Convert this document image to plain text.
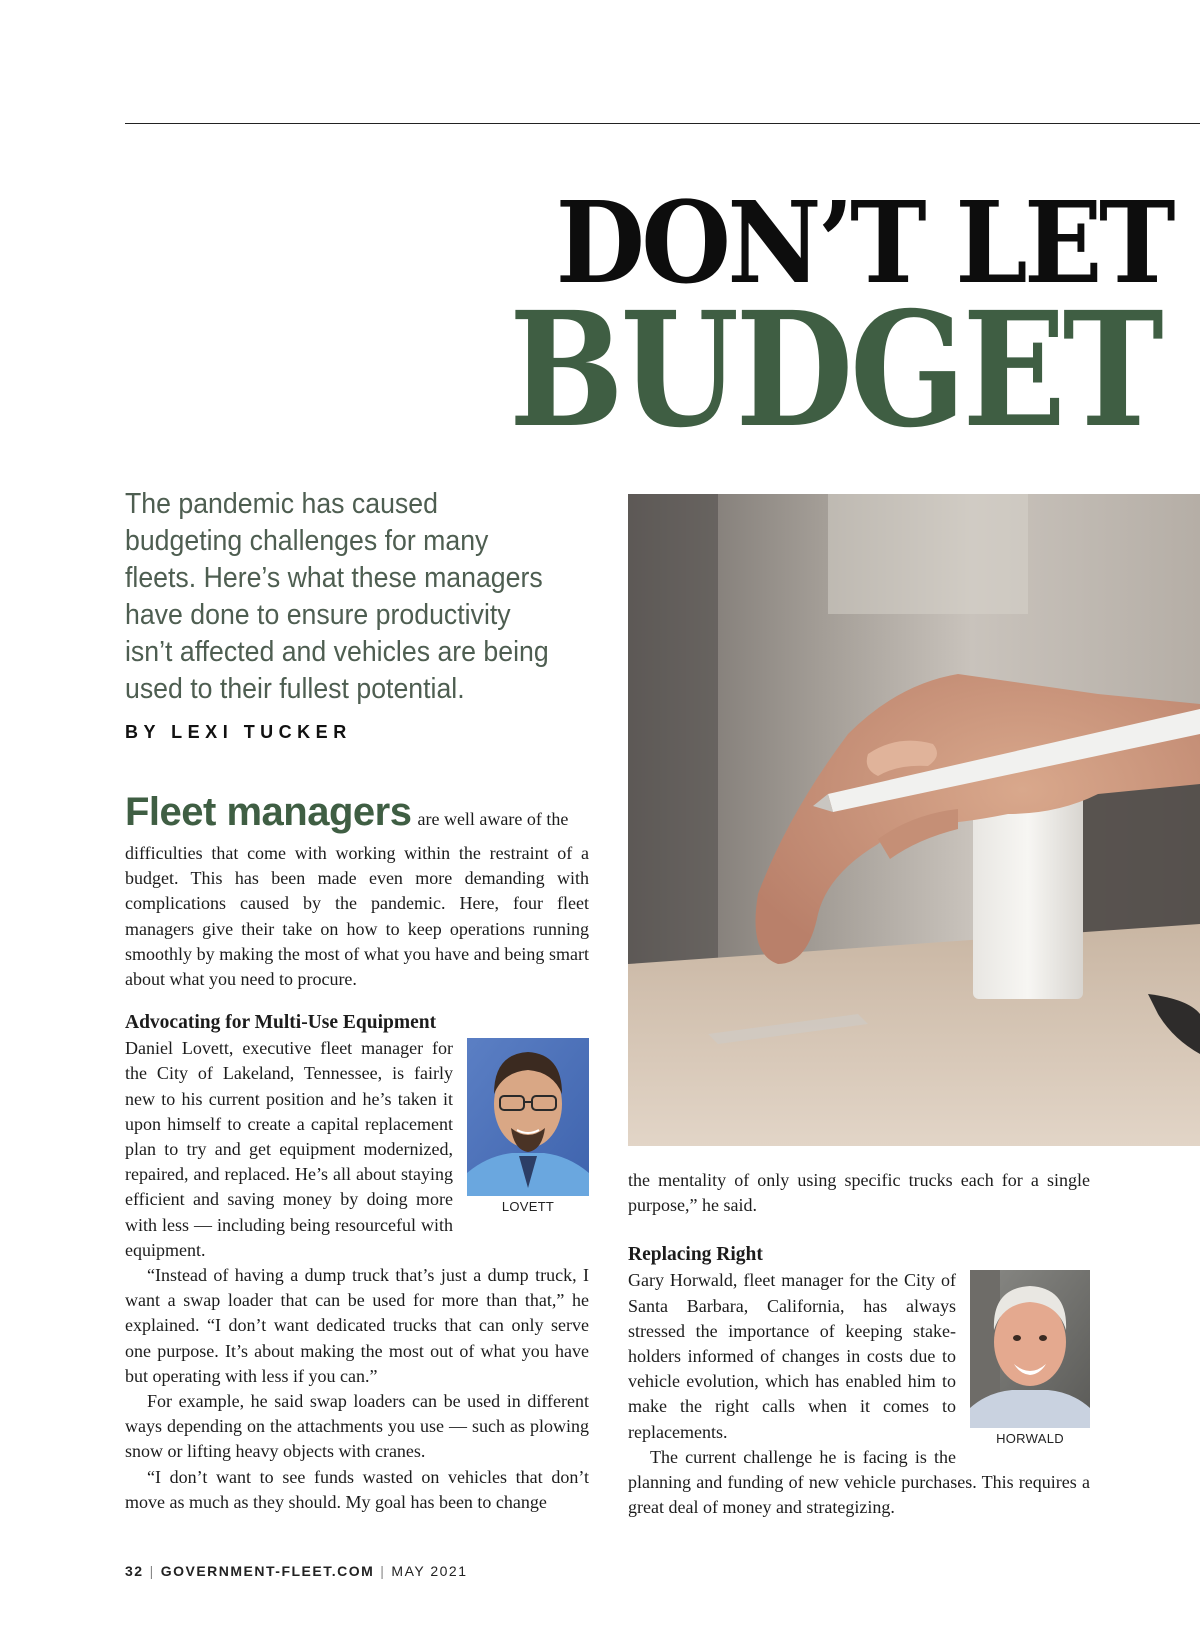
DON’T LET
BUDGET
The pandemic has caused budgeting challenges for many fleets. Here’s what these managers have done to ensure productivity isn’t affected and vehicles are being used to their fullest potential.
BY LEXI TUCKER

Fleet managers are well aware of the
difficulties that come with working within the restraint of a budget. This has been made even more demanding with complications caused by the pandemic. Here, four fleet managers give their take on how to keep operations running smoothly by making the most of what you have and being smart about what you need to procure.

Advocating for Multi-Use Equipment
LOVETT

Daniel Lovett, executive fleet manager for the City of Lakeland, Tennessee, is fairly new to his current position and he’s taken it upon himself to create a capital replacement plan to try and get equipment modernized, repaired, and replaced. He’s all about staying efficient and saving money by doing more with less — including being resourceful with equipment.

“Instead of having a dump truck that’s just a dump truck, I want a swap loader that can be used for more than that,” he explained. “I don’t want dedicated trucks that can only serve one purpose. It’s about making the most out of what you have but operating with less if you can.”

For example, he said swap loaders can be used in different ways depending on the attachments you use — such as plowing snow or lifting heavy objects with cranes.

“I don’t want to see funds wasted on vehicles that don’t move as much as they should. My goal has been to change

the mentality of only using specific trucks each for a single purpose,” he said.

Replacing Right
HORWALD

Gary Horwald, fleet manager for the City of Santa Barbara, California, has always stressed the importance of keeping stake-holders informed of changes in costs due to vehicle evolution, which has enabled him to make the right calls when it comes to replacements.

The current challenge he is facing is the planning and funding of new vehicle purchases. This requires a great deal of money and strategizing.

32 | GOVERNMENT-FLEET.COM | MAY 2021
